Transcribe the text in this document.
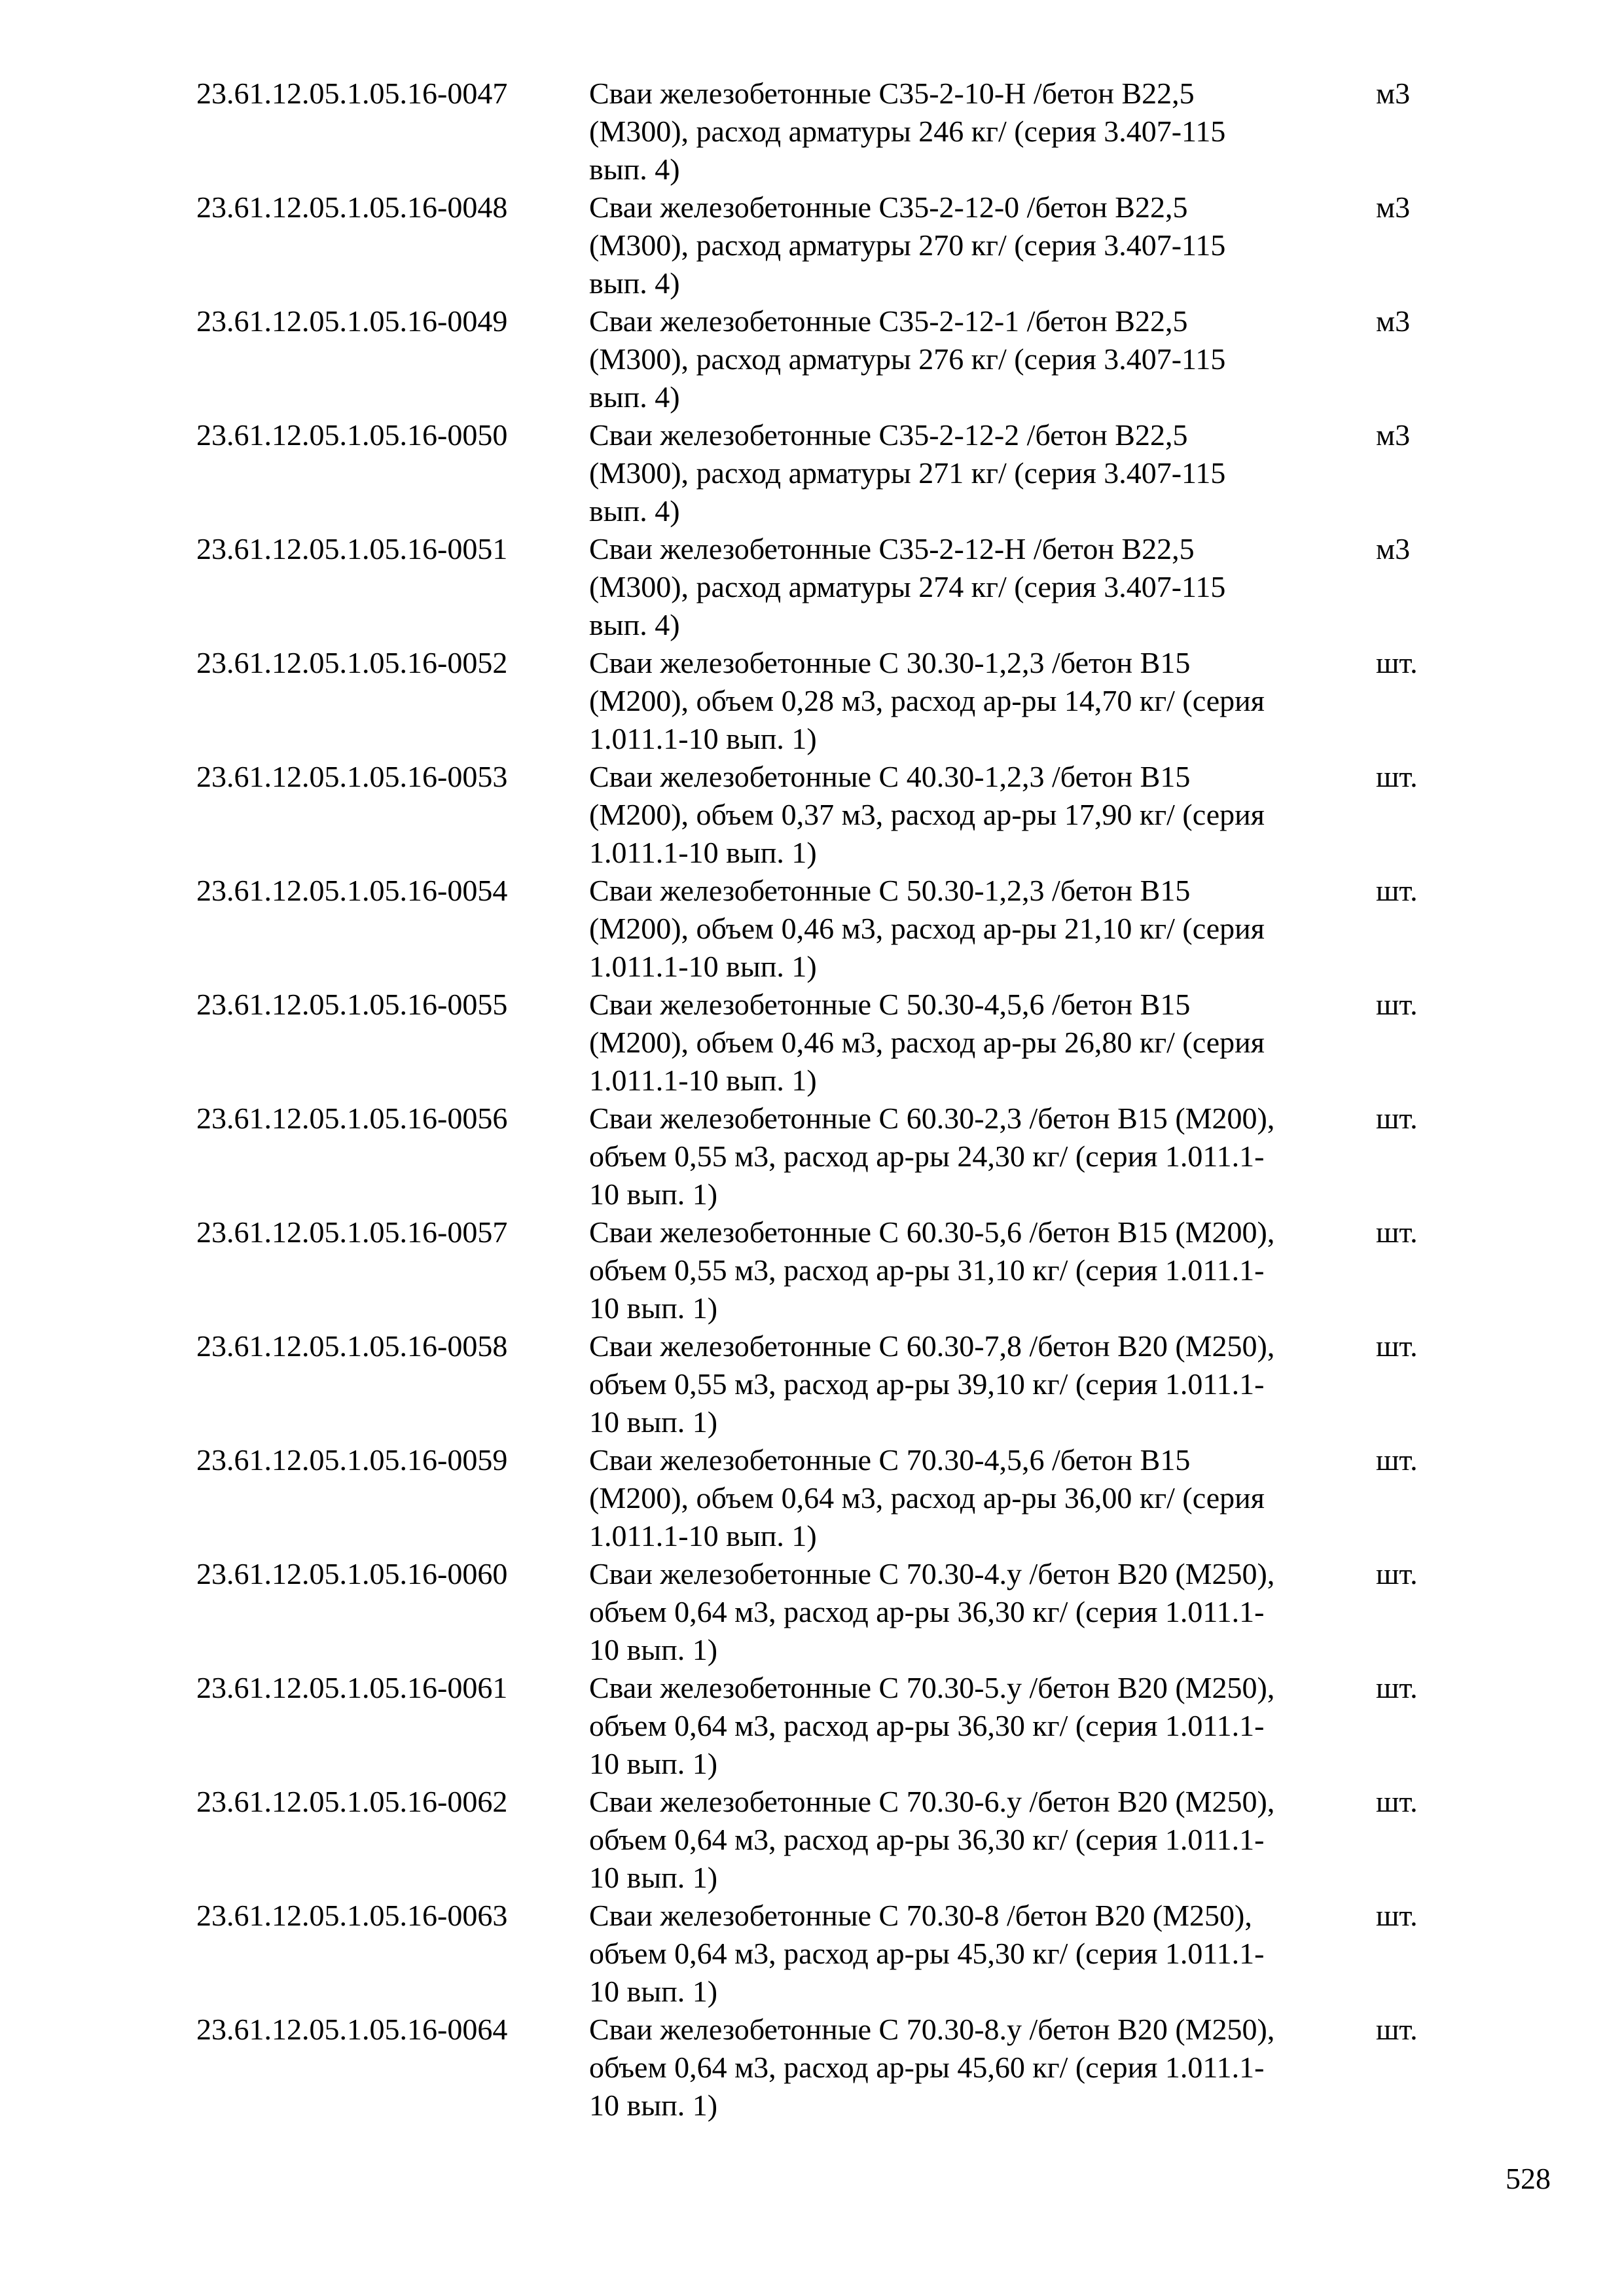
23.61.12.05.1.05.16-0047	Сваи железобетонные С35-2-10-Н /бетон В22,5
(М300), расход арматуры 246 кг/ (серия 3.407-115
вып. 4)
м3
23.61.12.05.1.05.16-0048	Сваи железобетонные С35-2-12-0 /бетон В22,5
(М300), расход арматуры 270 кг/ (серия 3.407-115
вып. 4)
м3
23.61.12.05.1.05.16-0049	Сваи железобетонные С35-2-12-1 /бетон В22,5
(М300), расход арматуры 276 кг/ (серия 3.407-115
вып. 4)
м3
23.61.12.05.1.05.16-0050	Сваи железобетонные С35-2-12-2 /бетон В22,5
(М300), расход арматуры 271 кг/ (серия 3.407-115
вып. 4)
м3
23.61.12.05.1.05.16-0051	Сваи железобетонные С35-2-12-Н /бетон В22,5
(М300), расход арматуры 274 кг/ (серия 3.407-115
вып. 4)
м3
23.61.12.05.1.05.16-0052	Сваи железобетонные С 30.30-1,2,3 /бетон В15
(М200), объем 0,28 м3, расход ар-ры 14,70 кг/ (серия
1.011.1-10 вып. 1)
шт.
23.61.12.05.1.05.16-0053	Сваи железобетонные С 40.30-1,2,3 /бетон В15
(М200), объем 0,37 м3, расход ар-ры 17,90 кг/ (серия
1.011.1-10 вып. 1)
шт.
23.61.12.05.1.05.16-0054	Сваи железобетонные С 50.30-1,2,3 /бетон В15
(М200), объем 0,46 м3, расход ар-ры 21,10 кг/ (серия
1.011.1-10 вып. 1)
шт.
23.61.12.05.1.05.16-0055	Сваи железобетонные С 50.30-4,5,6 /бетон В15
(М200), объем 0,46 м3, расход ар-ры 26,80 кг/ (серия
1.011.1-10 вып. 1)
шт.
23.61.12.05.1.05.16-0056	Сваи железобетонные С 60.30-2,3 /бетон В15 (М200),
объем 0,55 м3, расход ар-ры 24,30 кг/ (серия 1.011.1-
10 вып. 1)
шт.
23.61.12.05.1.05.16-0057	Сваи железобетонные С 60.30-5,6 /бетон В15 (М200),
объем 0,55 м3, расход ар-ры 31,10 кг/ (серия 1.011.1-
10 вып. 1)
шт.
23.61.12.05.1.05.16-0058	Сваи железобетонные С 60.30-7,8 /бетон В20 (М250),
объем 0,55 м3, расход ар-ры 39,10 кг/ (серия 1.011.1-
10 вып. 1)
шт.
23.61.12.05.1.05.16-0059	Сваи железобетонные С 70.30-4,5,6 /бетон В15
(М200), объем 0,64 м3, расход ар-ры 36,00 кг/ (серия
1.011.1-10 вып. 1)
шт.
23.61.12.05.1.05.16-0060	Сваи железобетонные С 70.30-4.у /бетон В20 (М250),
объем 0,64 м3, расход ар-ры 36,30 кг/ (серия 1.011.1-
10 вып. 1)
шт.
23.61.12.05.1.05.16-0061	Сваи железобетонные С 70.30-5.у /бетон В20 (М250),
объем 0,64 м3, расход ар-ры 36,30 кг/ (серия 1.011.1-
10 вып. 1)
шт.
23.61.12.05.1.05.16-0062	Сваи железобетонные С 70.30-6.у /бетон В20 (М250),
объем 0,64 м3, расход ар-ры 36,30 кг/ (серия 1.011.1-
10 вып. 1)
шт.
23.61.12.05.1.05.16-0063	Сваи железобетонные С 70.30-8 /бетон В20 (М250),
объем 0,64 м3, расход ар-ры 45,30 кг/ (серия 1.011.1-
10 вып. 1)
шт.
23.61.12.05.1.05.16-0064	Сваи железобетонные С 70.30-8.у /бетон В20 (М250),
объем 0,64 м3, расход ар-ры 45,60 кг/ (серия 1.011.1-
10 вып. 1)
шт.
528
